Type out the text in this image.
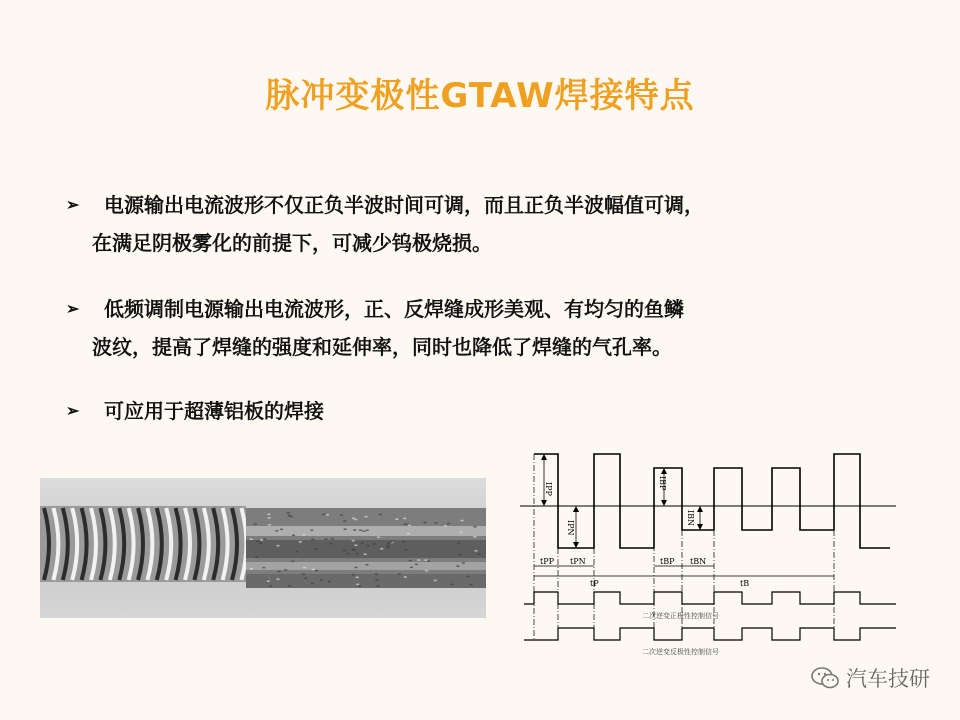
脉冲变极性GTAW焊接特点
➢	电源输出电流波形不仅正负半波时间可调，而且正负半波幅值可调，
在满足阴极雾化的前提下，可减少钨极烧损。
➢	低频调制电源输出电流波形，正、反焊缝成形美观、有均匀的鱼鳞
波纹，提高了焊缝的强度和延伸率，同时也降低了焊缝的气孔率。
➢	可应用于超薄铝板的焊接
IPP
IPN
IBP
IBN
tPP tPN	tBP tBN
tP	tB
二次逆变正极性控制信号
二次逆变反极性控制信号
汽车技研
